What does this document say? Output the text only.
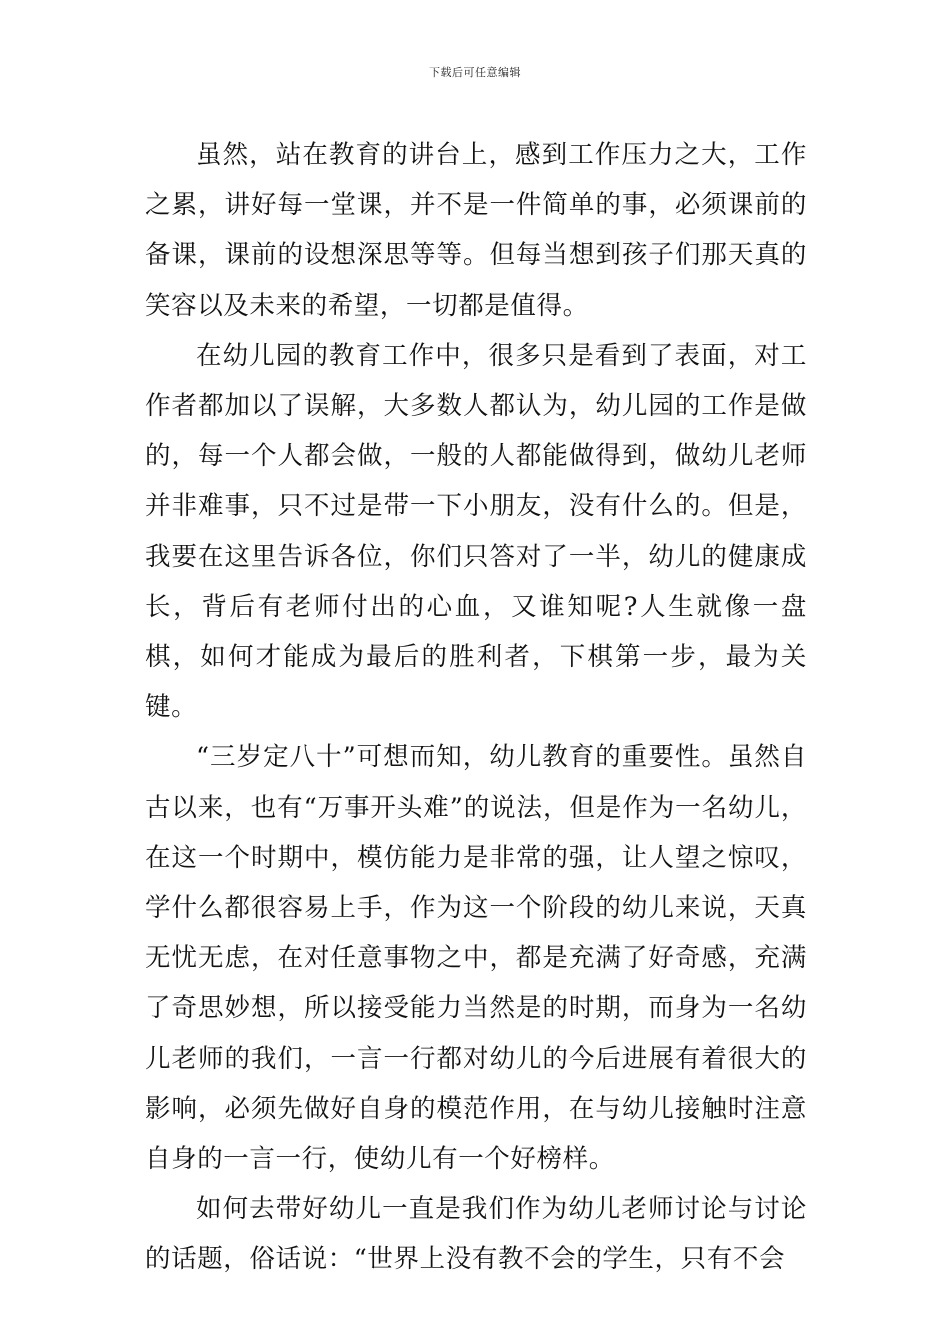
下载后可任意编辑

虽然，站在教育的讲台上，感到工作压力之大，工作之累，讲好每一堂课，并不是一件简单的事，必须课前的备课，课前的设想深思等等。但每当想到孩子们那天真的笑容以及未来的希望，一切都是值得。

在幼儿园的教育工作中，很多只是看到了表面，对工作者都加以了误解，大多数人都认为，幼儿园的工作是做的，每一个人都会做，一般的人都能做得到，做幼儿老师并非难事，只不过是带一下小朋友，没有什么的。但是，我要在这里告诉各位，你们只答对了一半，幼儿的健康成长，背后有老师付出的心血，又谁知呢?人生就像一盘棋，如何才能成为最后的胜利者，下棋第一步，最为关键。

“三岁定八十”可想而知，幼儿教育的重要性。虽然自古以来，也有“万事开头难”的说法，但是作为一名幼儿，在这一个时期中，模仿能力是非常的强，让人望之惊叹，学什么都很容易上手，作为这一个阶段的幼儿来说，天真无忧无虑，在对任意事物之中，都是充满了好奇感，充满了奇思妙想，所以接受能力当然是的时期，而身为一名幼儿老师的我们，一言一行都对幼儿的今后进展有着很大的影响，必须先做好自身的模范作用，在与幼儿接触时注意自身的一言一行，使幼儿有一个好榜样。

如何去带好幼儿一直是我们作为幼儿老师讨论与讨论的话题，俗话说：“世界上没有教不会的学生，只有不会
